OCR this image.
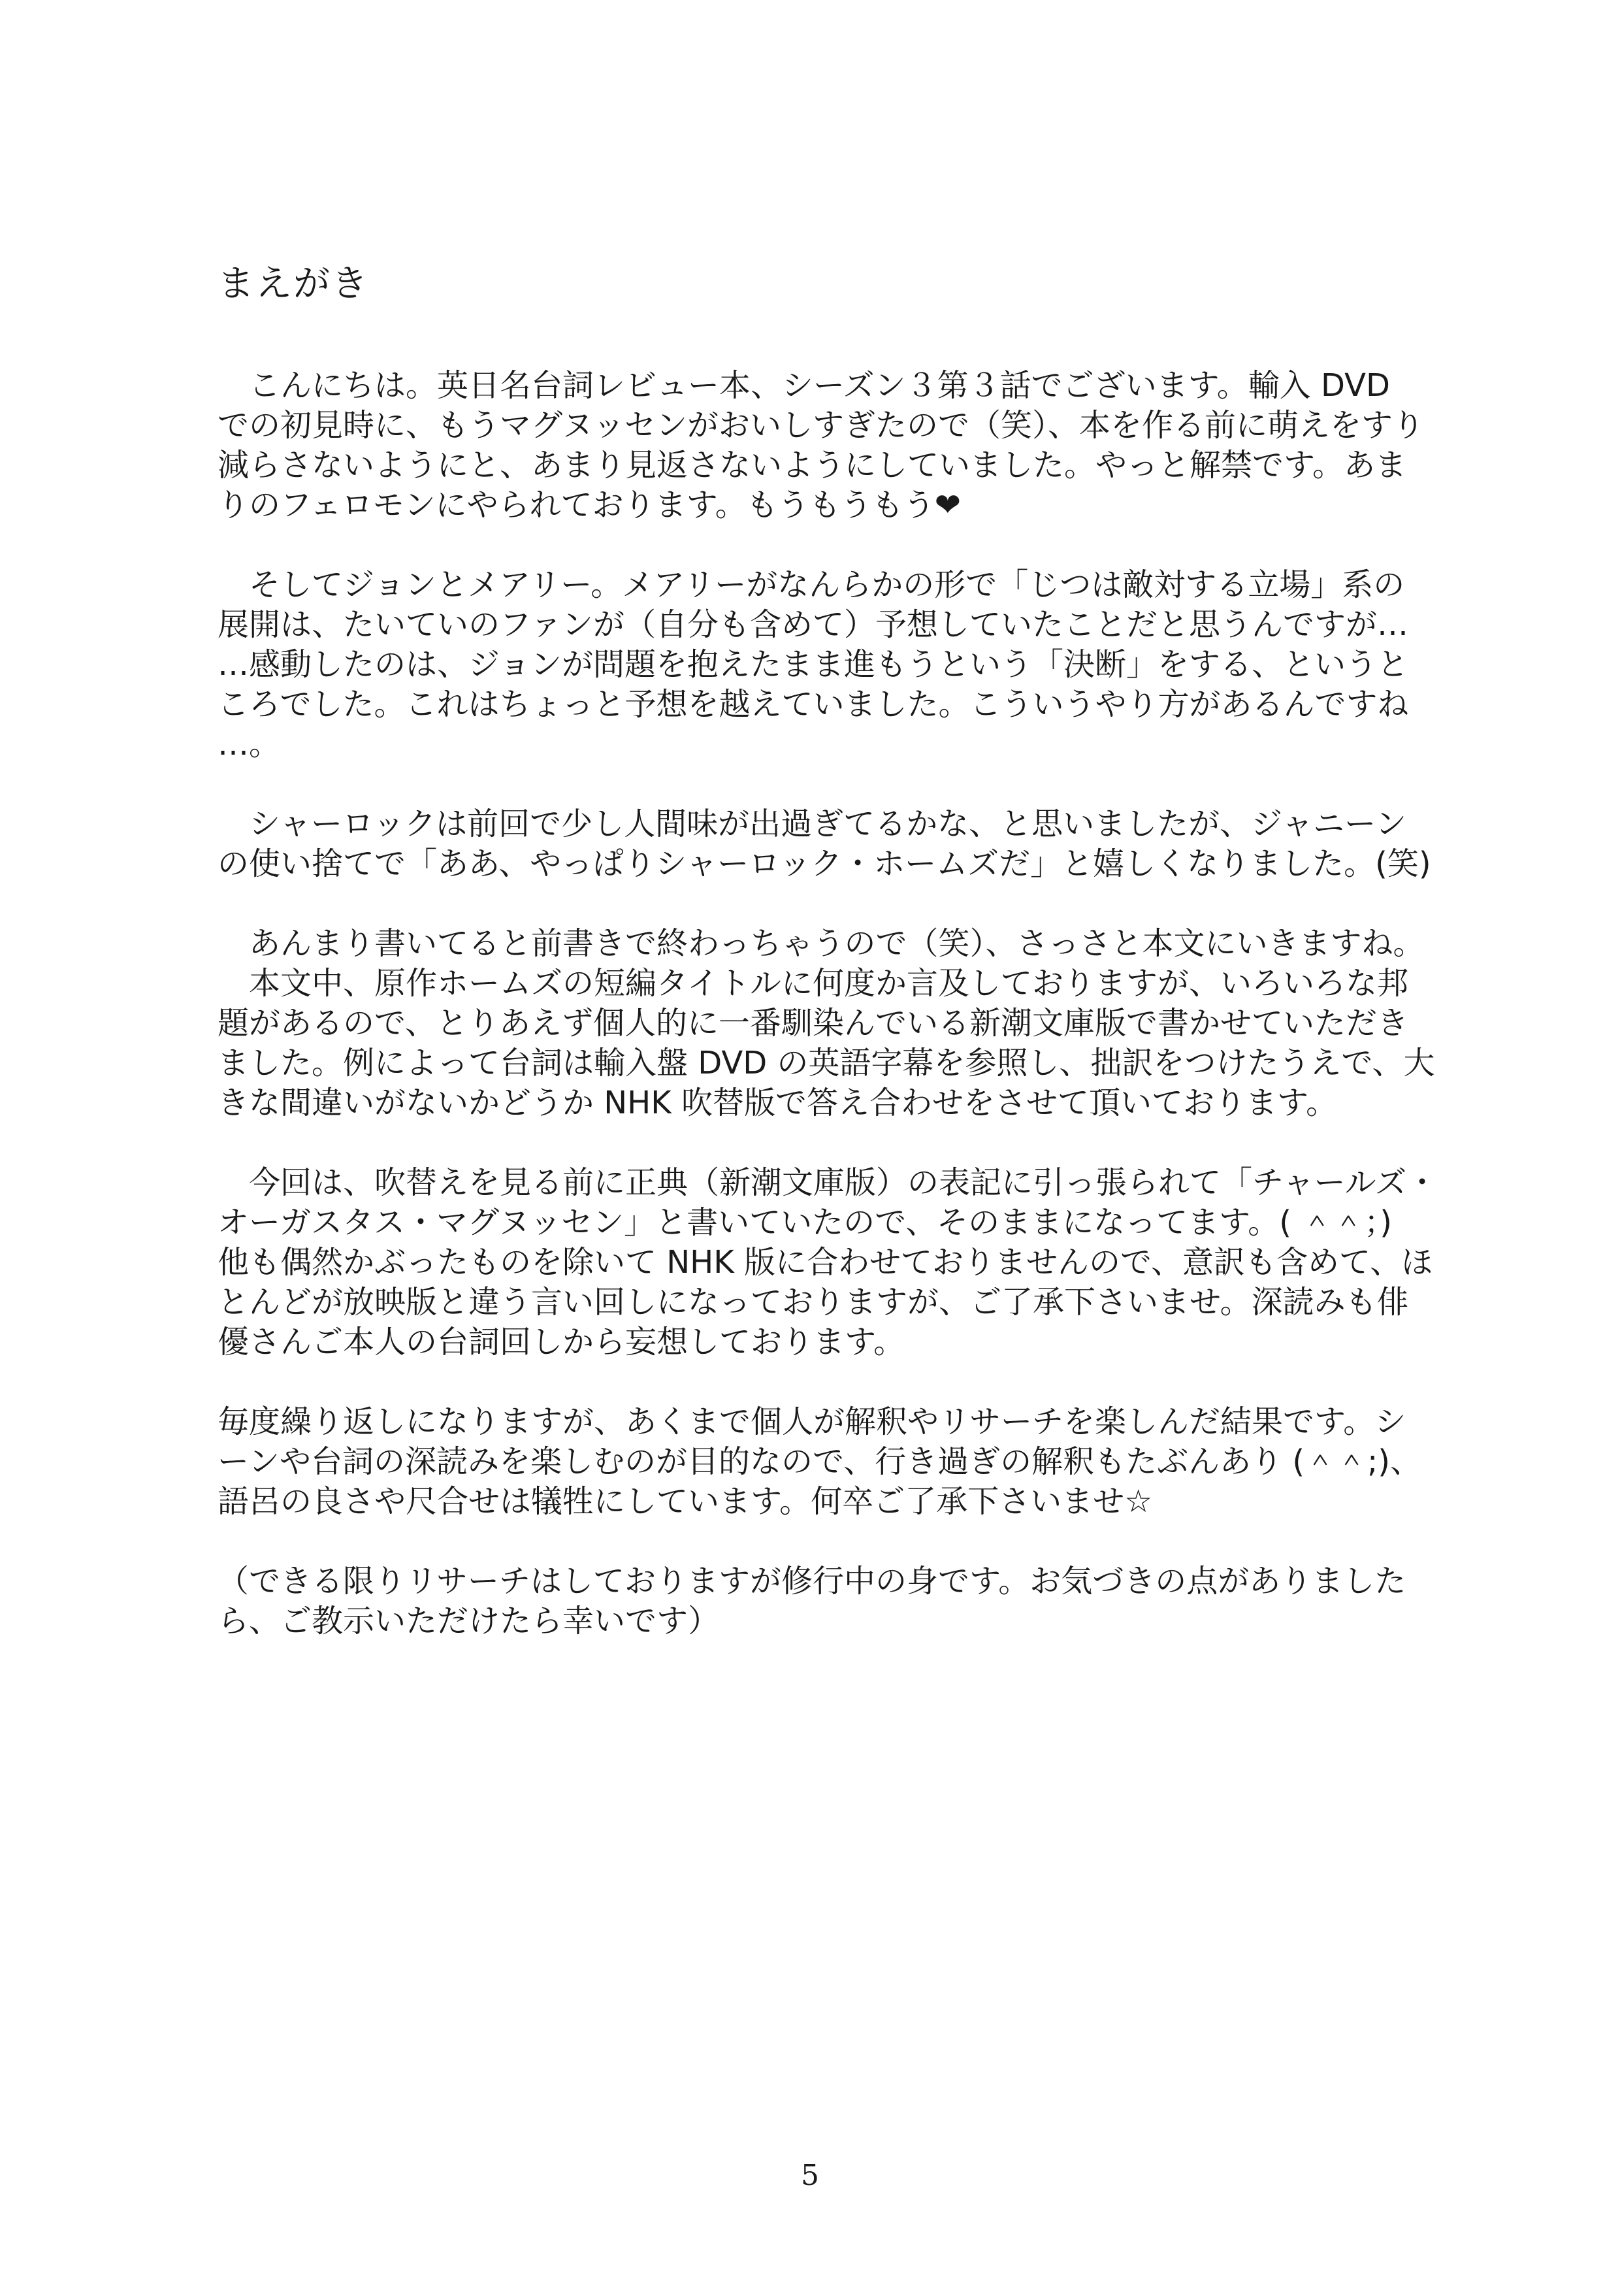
まえがき

　こんにちは。英日名台詞レビュー本、シーズン３第３話でございます。輸入 DVD
での初見時に、もうマグヌッセンがおいしすぎたので（笑）、本を作る前に萌えをすり
減らさないようにと、あまり見返さないようにしていました。やっと解禁です。あま
りのフェロモンにやられております。もうもうもう❤

　そしてジョンとメアリー。メアリーがなんらかの形で「じつは敵対する立場」系の
展開は、たいていのファンが（自分も含めて）予想していたことだと思うんですが…
…感動したのは、ジョンが問題を抱えたまま進もうという「決断」をする、というと
ころでした。これはちょっと予想を越えていました。こういうやり方があるんですね
…。

　シャーロックは前回で少し人間味が出過ぎてるかな、と思いましたが、ジャニーン
の使い捨てで「ああ、やっぱりシャーロック・ホームズだ」と嬉しくなりました。(笑)

　あんまり書いてると前書きで終わっちゃうので（笑）、さっさと本文にいきますね。
　本文中、原作ホームズの短編タイトルに何度か言及しておりますが、いろいろな邦
題があるので、とりあえず個人的に一番馴染んでいる新潮文庫版で書かせていただき
ました。例によって台詞は輸入盤 DVD の英語字幕を参照し、拙訳をつけたうえで、大
きな間違いがないかどうか NHK 吹替版で答え合わせをさせて頂いております。

　今回は、吹替えを見る前に正典（新潮文庫版）の表記に引っ張られて「チャールズ・
オーガスタス・マグヌッセン」と書いていたので、そのままになってます。( ＾＾；)
他も偶然かぶったものを除いて NHK 版に合わせておりませんので、意訳も含めて、ほ
とんどが放映版と違う言い回しになっておりますが、ご了承下さいませ。深読みも俳
優さんご本人の台詞回しから妄想しております。

毎度繰り返しになりますが、あくまで個人が解釈やリサーチを楽しんだ結果です。シ
ーンや台詞の深読みを楽しむのが目的なので、行き過ぎの解釈もたぶんあり (＾＾;)、
語呂の良さや尺合せは犠牲にしています。何卒ご了承下さいませ☆

（できる限りリサーチはしておりますが修行中の身です。お気づきの点がありました
ら、ご教示いただけたら幸いです）

5
